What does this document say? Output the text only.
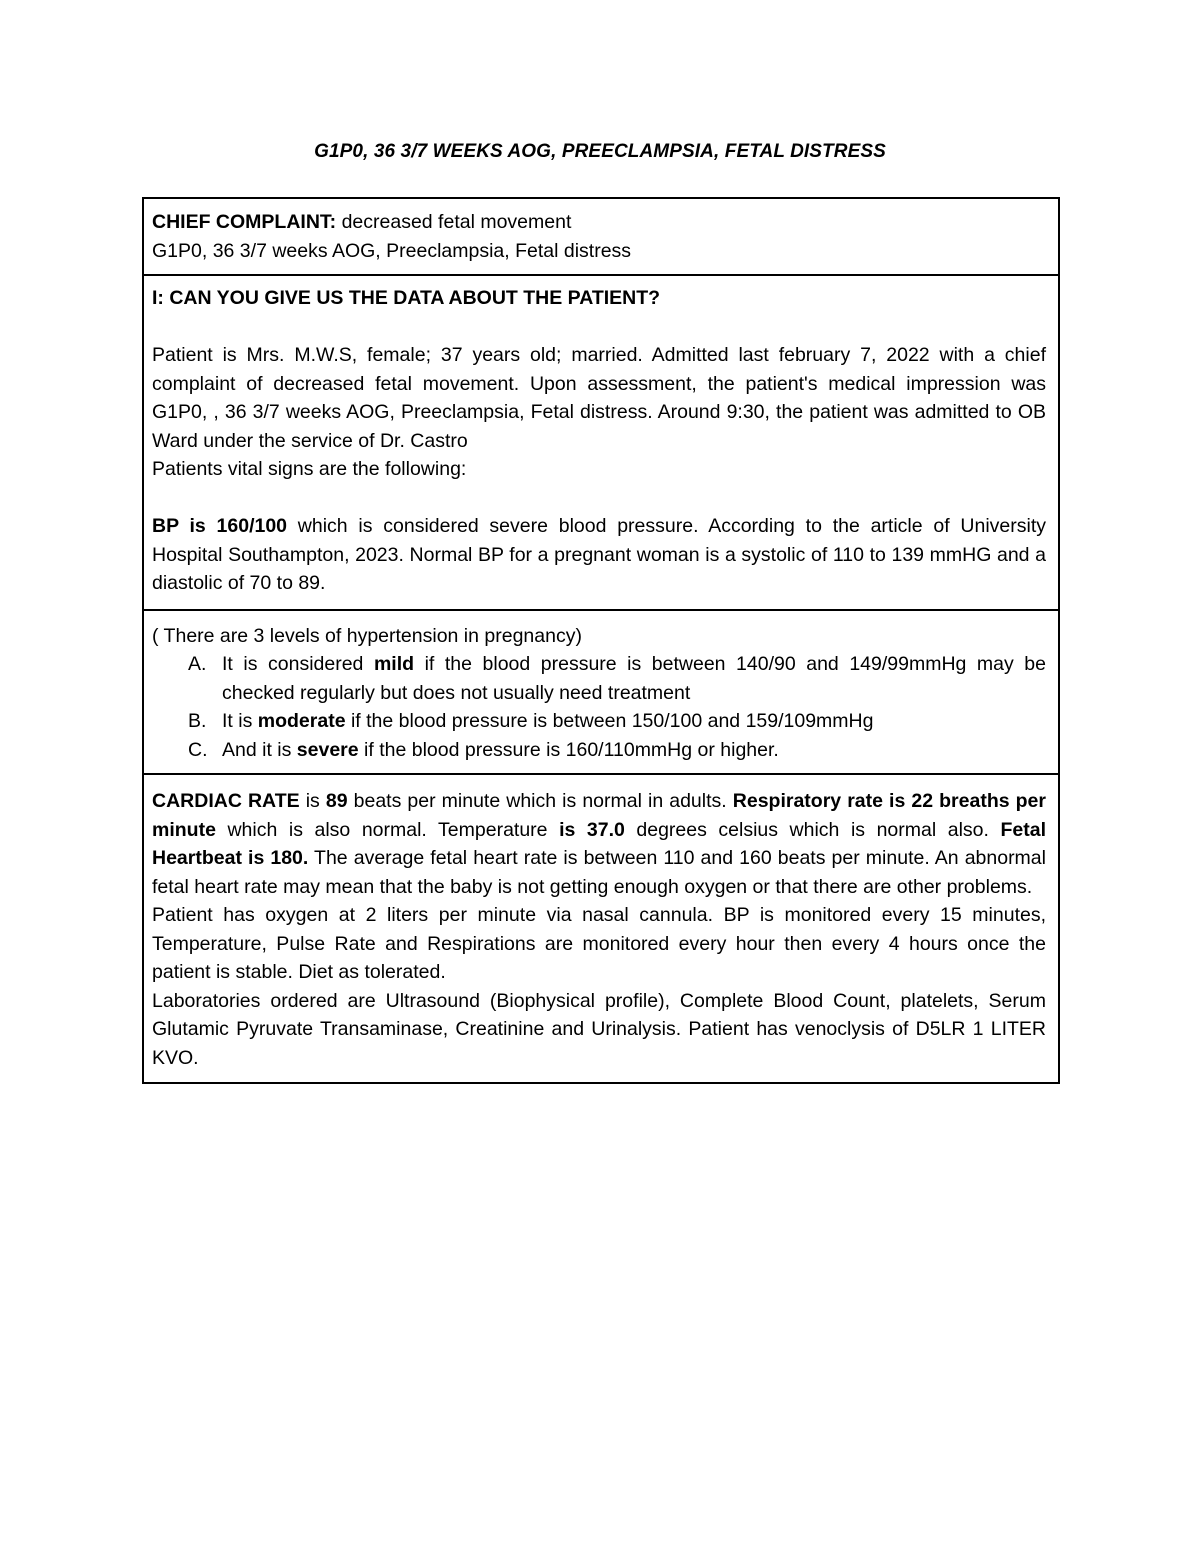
G1P0, 36 3/7 WEEKS AOG, PREECLAMPSIA, FETAL DISTRESS

CHIEF COMPLAINT: decreased fetal movement

G1P0, 36 3/7 weeks AOG, Preeclampsia, Fetal distress

I: CAN YOU GIVE US THE DATA ABOUT THE PATIENT?

Patient is Mrs. M.W.S, female; 37 years old; married. Admitted last february 7, 2022 with a chief complaint of decreased fetal movement. Upon assessment, the patient's medical impression was G1P0, , 36 3/7 weeks AOG, Preeclampsia, Fetal distress. Around 9:30, the patient was admitted to OB Ward under the service of Dr. Castro

Patients vital signs are the following:

BP is 160/100 which is considered severe blood pressure. According to the article of University Hospital Southampton, 2023. Normal BP for a pregnant woman is a systolic of 110 to 139 mmHG and a diastolic of 70 to 89.

( There are 3 levels of hypertension in pregnancy)

A. It is considered mild if the blood pressure is between 140/90 and 149/99mmHg may be checked regularly but does not usually need treatment
B. It is moderate if the blood pressure is between 150/100 and 159/109mmHg
C. And it is severe if the blood pressure is 160/110mmHg or higher.

CARDIAC RATE is 89 beats per minute which is normal in adults. Respiratory rate is 22 breaths per minute which is also normal. Temperature is 37.0 degrees celsius which is normal also. Fetal Heartbeat is 180. The average fetal heart rate is between 110 and 160 beats per minute. An abnormal fetal heart rate may mean that the baby is not getting enough oxygen or that there are other problems.

Patient has oxygen at 2 liters per minute via nasal cannula. BP is monitored every 15 minutes, Temperature, Pulse Rate and Respirations are monitored every hour then every 4 hours once the patient is stable. Diet as tolerated.

Laboratories ordered are Ultrasound (Biophysical profile), Complete Blood Count, platelets, Serum Glutamic Pyruvate Transaminase, Creatinine and Urinalysis. Patient has venoclysis of D5LR 1 LITER KVO.
